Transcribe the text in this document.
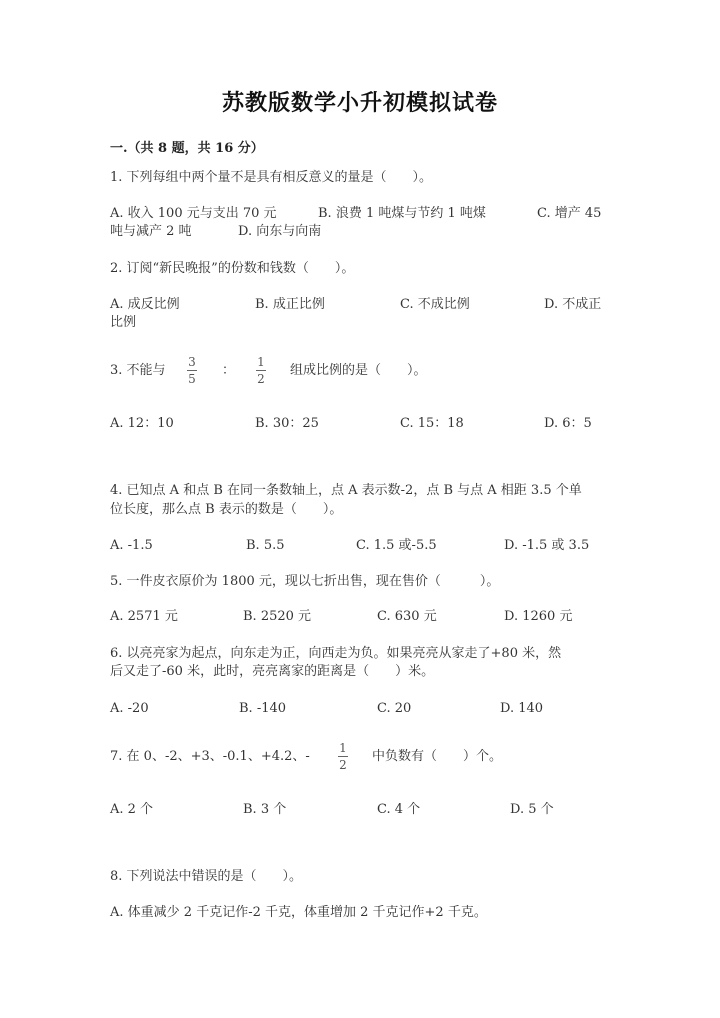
苏教版数学小升初模拟试卷
一.（共 8 题，共 16 分）
1. 下列每组中两个量不是具有相反意义的量是（　　）。
A. 收入 100 元与支出 70 元	B. 浪费 1 吨煤与节约 1 吨煤	C. 增产 45
吨与减产 2 吨	D. 向东与向南
2. 订阅“新民晚报”的份数和钱数（　　）。
A. 成反比例	B. 成正比例	C. 不成比例	D. 不成正
比例
3. 不能与
3
5
：
1
2
组成比例的是（　　）。
A. 12：10	B. 30：25	C. 15：18	D. 6：5
4. 已知点 A 和点 B 在同一条数轴上，点 A 表示数-2，点 B 与点 A 相距 3.5 个单
位长度，那么点 B 表示的数是（　　）。
A. -1.5	B. 5.5	C. 1.5 或-5.5	D. -1.5 或 3.5
5. 一件皮衣原价为 1800 元，现以七折出售，现在售价（　　　）。
A. 2571 元	B. 2520 元	C. 630 元	D. 1260 元
6. 以亮亮家为起点，向东走为正，向西走为负。如果亮亮从家走了+80 米，然
后又走了-60 米，此时，亮亮离家的距离是（　　）米。
A. -20	B. -140	C. 20	D. 140
7. 在 0、-2、+3、-0.1、+4.2、-
1
2
中负数有（　　）个。
A. 2 个	B. 3 个	C. 4 个	D. 5 个
8. 下列说法中错误的是（　　）。
A. 体重减少 2 千克记作-2 千克，体重增加 2 千克记作+2 千克。
